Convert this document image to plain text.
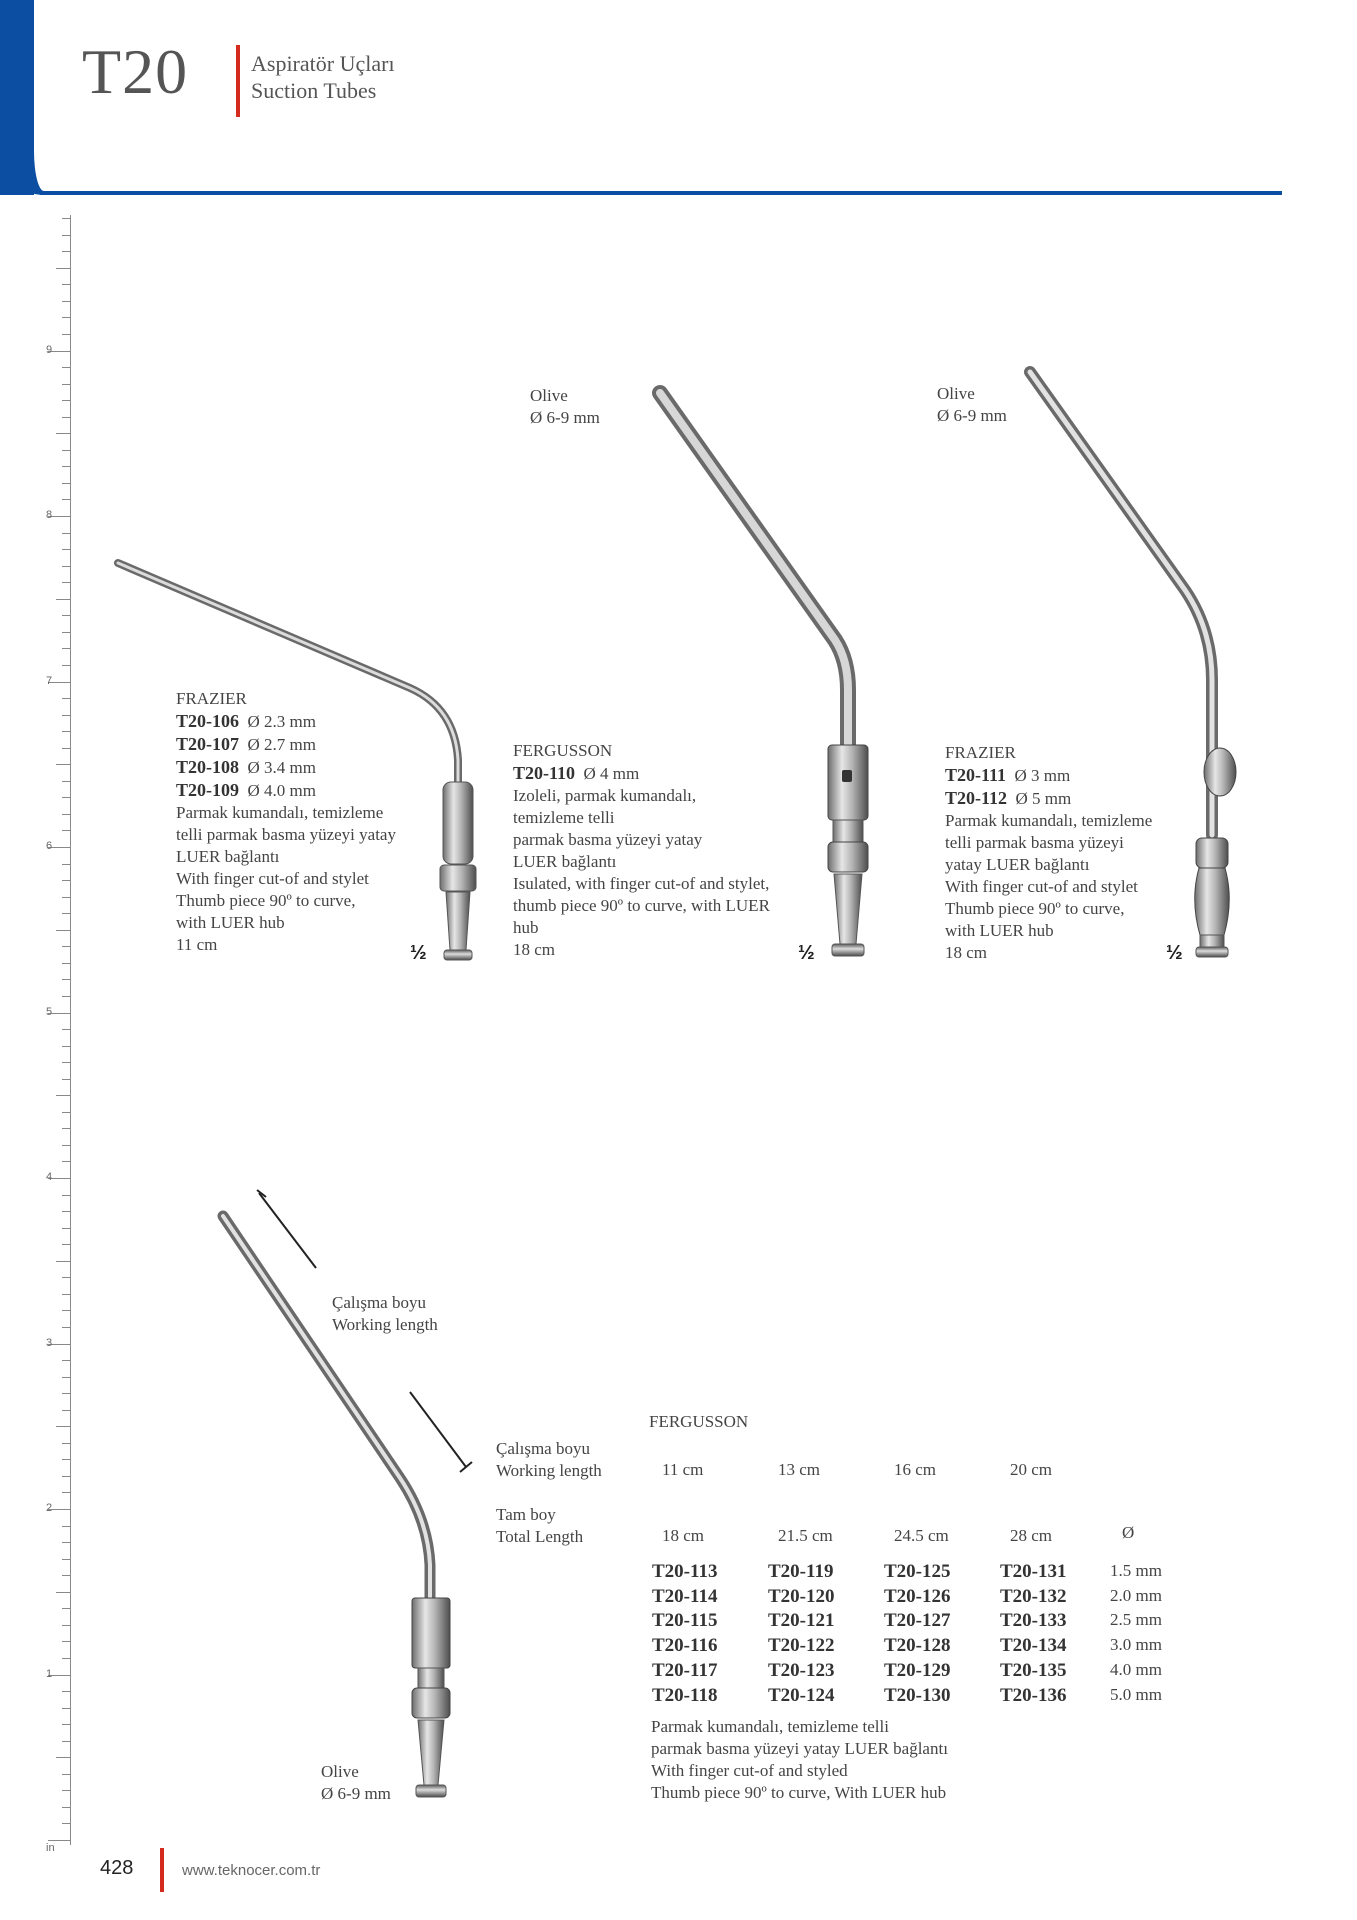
T20	Aspiratör Uçları
Suction Tubes
9
8
7
6
5
4
3
2
1
in
FRAZIER
T20-106 Ø 2.3 mm
T20-107 Ø 2.7 mm
T20-108 Ø 3.4 mm
T20-109 Ø 4.0 mm
Parmak kumandalı, temizleme
telli parmak basma yüzeyi yatay
LUER bağlantı
With finger cut-of and stylet
Thumb piece 90º to curve,
with LUER hub
11 cm	½
Olive
Ø 6-9 mm
FERGUSSON
T20-110 Ø 4 mm
Izoleli, parmak kumandalı,
temizleme telli
parmak basma yüzeyi yatay
LUER bağlantı
Isulated, with finger cut-of and stylet,
thumb piece 90º to curve, with LUER
hub
18 cm	½
Olive
Ø 6-9 mm
FRAZIER
T20-111 Ø 3 mm
T20-112 Ø 5 mm
Parmak kumandalı, temizleme
telli parmak basma yüzeyi
yatay LUER bağlantı
With finger cut-of and stylet
Thumb piece 90º to curve,
with LUER hub
18 cm	½
Çalışma boyu
Working length
Olive
Ø 6-9 mm
FERGUSSON
Çalışma boyu
Working length
Tam boy
Total Length
11 cm	13 cm	16 cm	20 cm
18 cm	21.5 cm	24.5 cm	28 cm	Ø
T20-113	T20-119	T20-125	T20-131	1.5 mm
T20-114	T20-120	T20-126	T20-132	2.0 mm
T20-115	T20-121	T20-127	T20-133	2.5 mm
T20-116	T20-122	T20-128	T20-134	3.0 mm
T20-117	T20-123	T20-129	T20-135	4.0 mm
T20-118	T20-124	T20-130	T20-136	5.0 mm
Parmak kumandalı, temizleme telli
parmak basma yüzeyi yatay LUER bağlantı
With finger cut-of and styled
Thumb piece 90º to curve, With LUER hub
428	www.teknocer.com.tr
